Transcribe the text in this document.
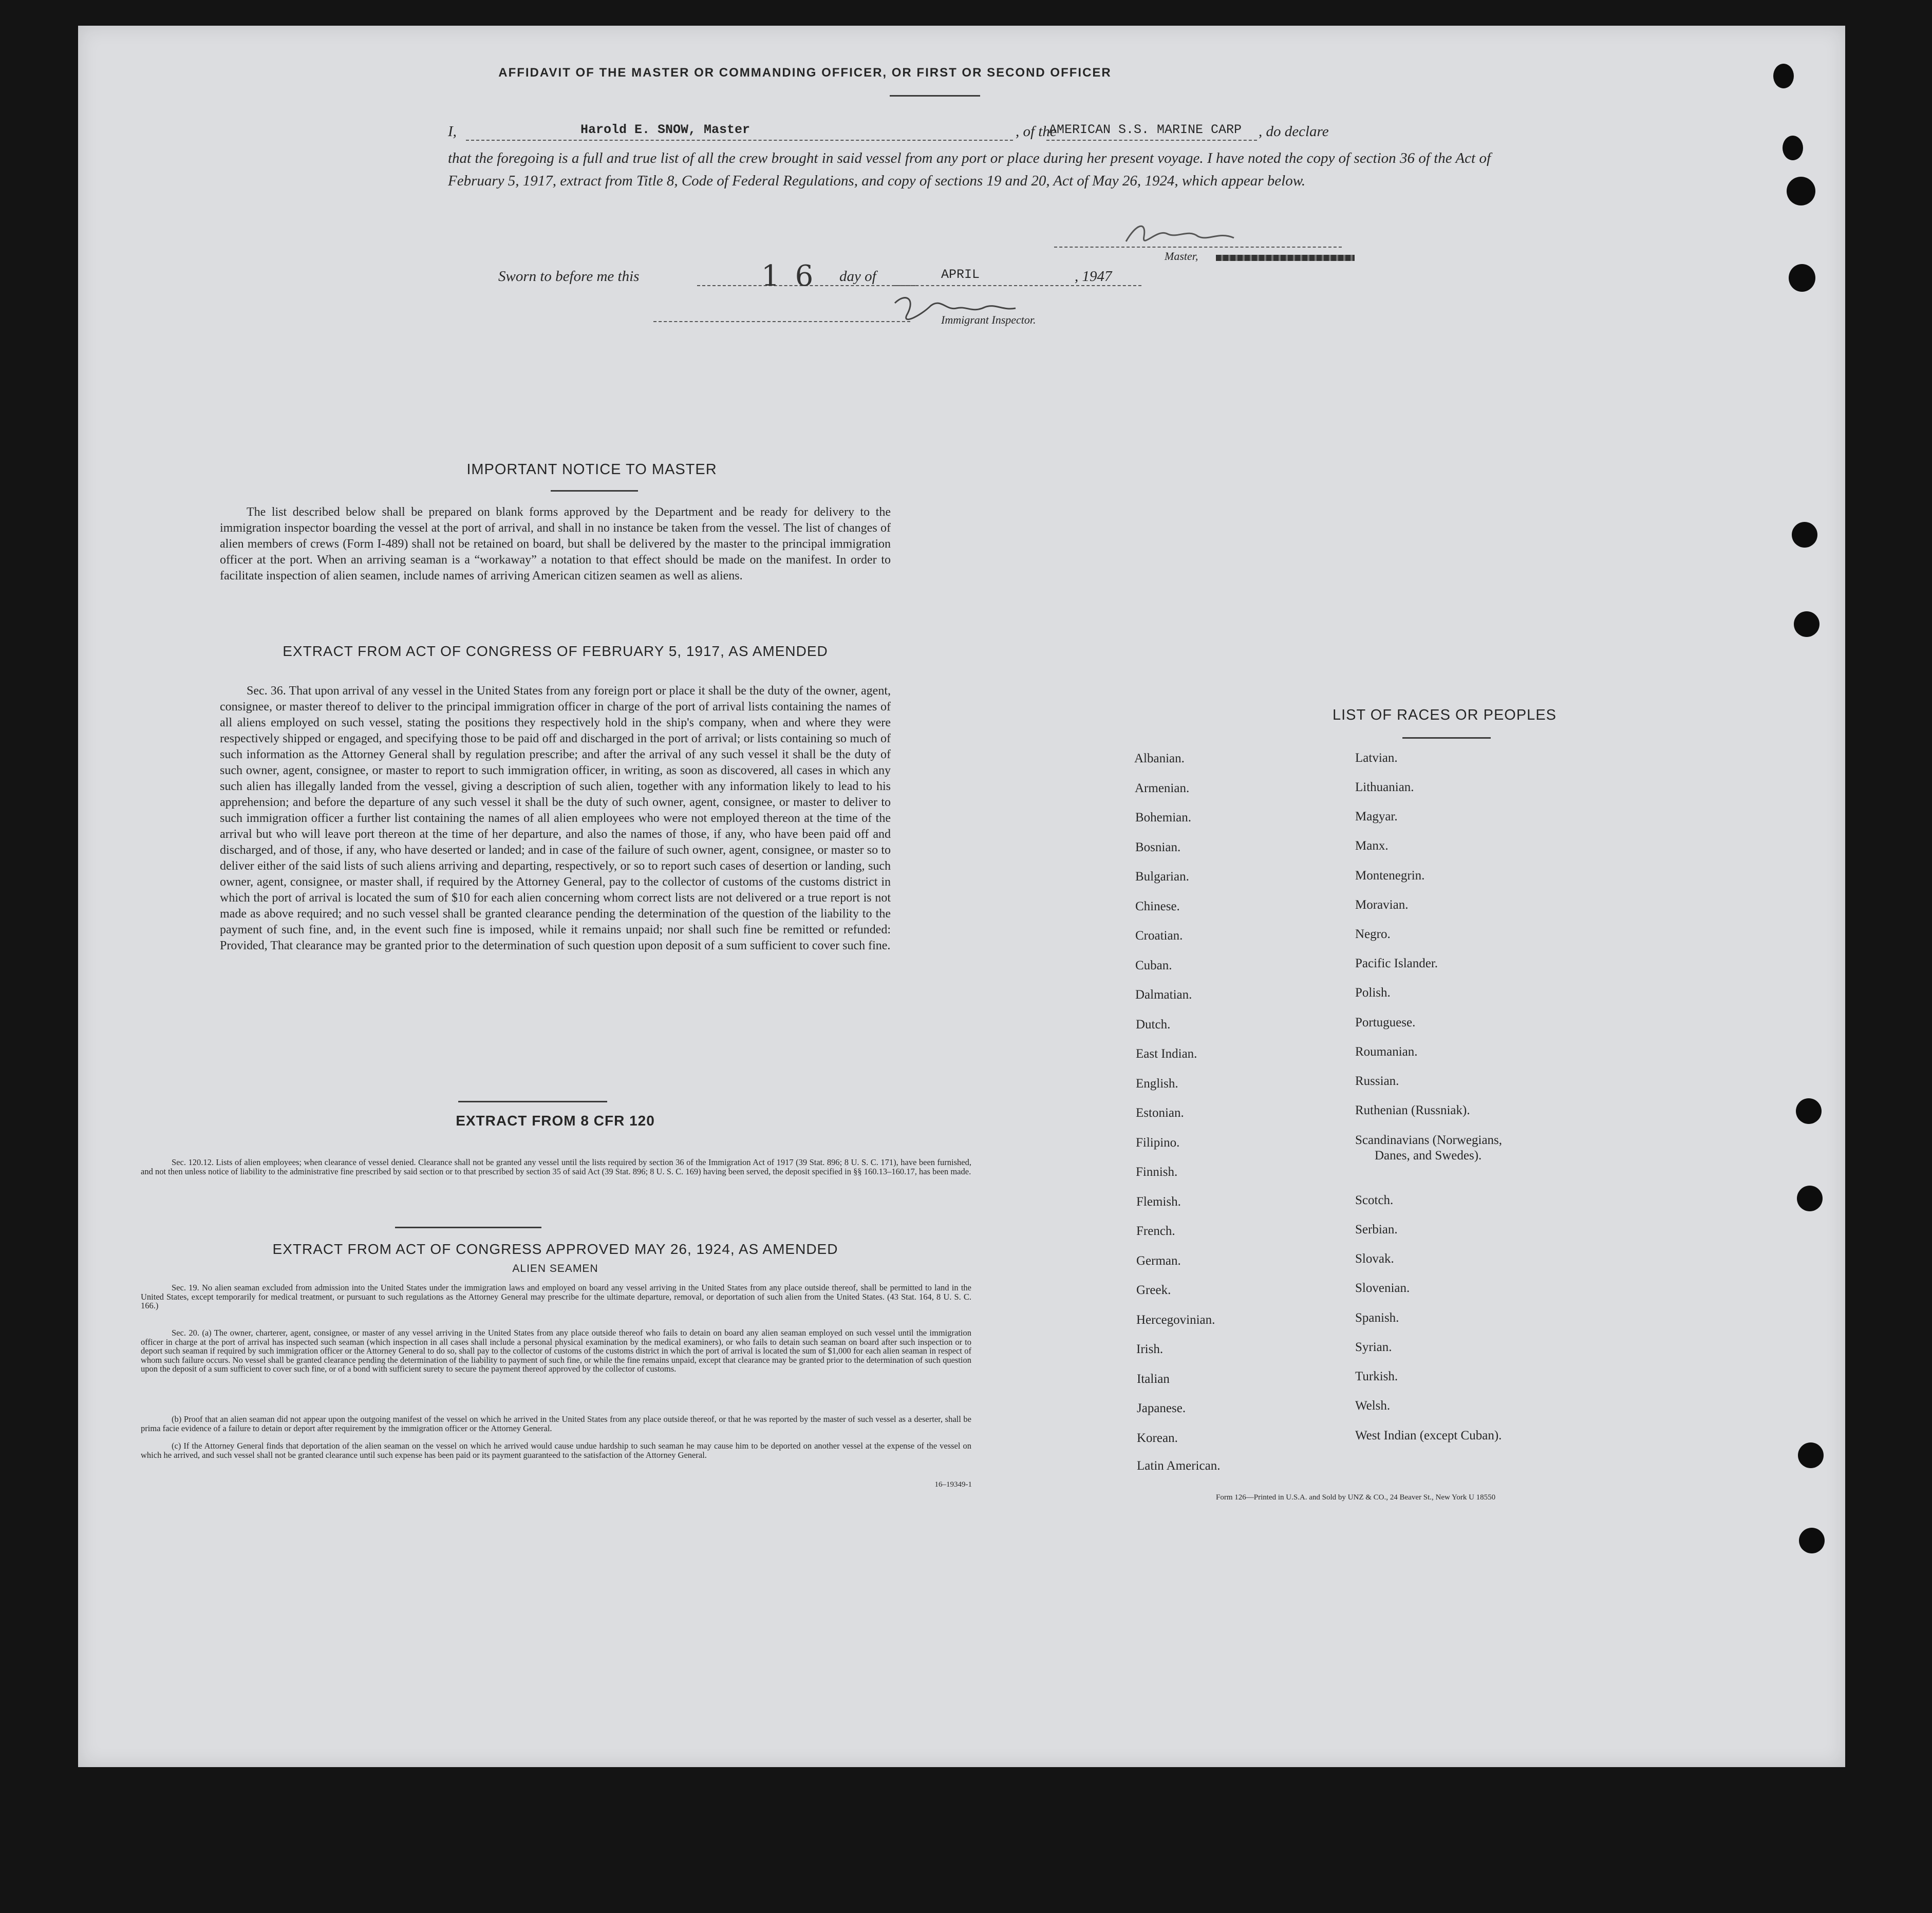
AFFIDAVIT OF THE MASTER OR COMMANDING OFFICER, OR FIRST OR SECOND OFFICER
I,	Harold E. SNOW, Master	, of the
AMERICAN S.S. MARINE CARP , do declare
that the foregoing is a full and true list of all the crew brought in said vessel from any port or place during her present voyage. I have noted the copy of section 36 of the Act of February 5, 1917, extract from Title 8, Code of Federal Regulations, and copy of sections 19 and 20, Act of May 26, 1924, which appear below.
Master,
Sworn to before me this	16 day of	APRIL	, 1947
Immigrant Inspector.
IMPORTANT NOTICE TO MASTER
The list described below shall be prepared on blank forms approved by the Department and be ready for delivery to the immigration inspector boarding the vessel at the port of arrival, and shall in no instance be taken from the vessel. The list of changes of alien members of crews (Form I-489) shall not be retained on board, but shall be delivered by the master to the principal immigration officer at the port. When an arriving seaman is a “workaway” a notation to that effect should be made on the manifest. In order to facilitate inspection of alien seamen, include names of arriving American citizen seamen as well as aliens.
EXTRACT FROM ACT OF CONGRESS OF FEBRUARY 5, 1917, AS AMENDED
Sec. 36. That upon arrival of any vessel in the United States from any foreign port or place it shall be the duty of the owner, agent, consignee, or master thereof to deliver to the principal immigration officer in charge of the port of arrival lists containing the names of all aliens employed on such vessel, stating the positions they respectively hold in the ship's company, when and where they were respectively shipped or engaged, and specifying those to be paid off and discharged in the port of arrival; or lists containing so much of such information as the Attorney General shall by regulation prescribe; and after the arrival of any such vessel it shall be the duty of such owner, agent, consignee, or master to report to such immigration officer, in writing, as soon as discovered, all cases in which any such alien has illegally landed from the vessel, giving a description of such alien, together with any information likely to lead to his apprehension; and before the departure of any such vessel it shall be the duty of such owner, agent, consignee, or master to deliver to such immigration officer a further list containing the names of all alien employees who were not employed thereon at the time of the arrival but who will leave port thereon at the time of her departure, and also the names of those, if any, who have been paid off and discharged, and of those, if any, who have deserted or landed; and in case of the failure of such owner, agent, consignee, or master so to deliver either of the said lists of such aliens arriving and departing, respectively, or so to report such cases of desertion or landing, such owner, agent, consignee, or master shall, if required by the Attorney General, pay to the collector of customs of the customs district in which the port of arrival is located the sum of $10 for each alien concerning whom correct lists are not delivered or a true report is not made as above required; and no such vessel shall be granted clearance pending the determination of the question of the liability to the payment of such fine, and, in the event such fine is imposed, while it remains unpaid; nor shall such fine be remitted or refunded: Provided, That clearance may be granted prior to the determination of such question upon deposit of a sum sufficient to cover such fine.
EXTRACT FROM 8 CFR 120
Sec. 120.12. Lists of alien employees; when clearance of vessel denied. Clearance shall not be granted any vessel until the lists required by section 36 of the Immigration Act of 1917 (39 Stat. 896; 8 U. S. C. 171), have been furnished, and not then unless notice of liability to the administrative fine prescribed by said section or to that prescribed by section 35 of said Act (39 Stat. 896; 8 U. S. C. 169) having been served, the deposit specified in §§ 160.13–160.17, has been made.
EXTRACT FROM ACT OF CONGRESS APPROVED MAY 26, 1924, AS AMENDED
ALIEN SEAMEN
Sec. 19. No alien seaman excluded from admission into the United States under the immigration laws and employed on board any vessel arriving in the United States from any place outside thereof, shall be permitted to land in the United States, except temporarily for medical treatment, or pursuant to such regulations as the Attorney General may prescribe for the ultimate departure, removal, or deportation of such alien from the United States. (43 Stat. 164, 8 U. S. C. 166.)
Sec. 20. (a) The owner, charterer, agent, consignee, or master of any vessel arriving in the United States from any place outside thereof who fails to detain on board any alien seaman employed on such vessel until the immigration officer in charge at the port of arrival has inspected such seaman (which inspection in all cases shall include a personal physical examination by the medical examiners), or who fails to detain such seaman on board after such inspection or to deport such seaman if required by such immigration officer or the Attorney General to do so, shall pay to the collector of customs of the customs district in which the port of arrival is located the sum of $1,000 for each alien seaman in respect of whom such failure occurs. No vessel shall be granted clearance pending the determination of the liability to payment of such fine, or while the fine remains unpaid, except that clearance may be granted prior to the determination of such question upon the deposit of a sum sufficient to cover such fine, or of a bond with sufficient surety to secure the payment thereof approved by the collector of customs.
(b) Proof that an alien seaman did not appear upon the outgoing manifest of the vessel on which he arrived in the United States from any place outside thereof, or that he was reported by the master of such vessel as a deserter, shall be prima facie evidence of a failure to detain or deport after requirement by the immigration officer or the Attorney General.
(c) If the Attorney General finds that deportation of the alien seaman on the vessel on which he arrived would cause undue hardship to such seaman he may cause him to be deported on another vessel at the expense of the vessel on which he arrived, and such vessel shall not be granted clearance until such expense has been paid or its payment guaranteed to the satisfaction of the Attorney General.
16–19349-1
LIST OF RACES OR PEOPLES
Albanian.
Armenian.
Bohemian.
Bosnian.
Bulgarian.
Chinese.
Croatian.
Cuban.
Dalmatian.
Dutch.
East Indian.
English.
Estonian.
Filipino.
Finnish.
Flemish.
French.
German.
Greek.
Hercegovinian.
Irish.
Italian
Japanese.
Korean.
Latin American.
Latvian.
Lithuanian.
Magyar.
Manx.
Montenegrin.
Moravian.
Negro.
Pacific Islander.
Polish.
Portuguese.
Roumanian.
Russian.
Ruthenian (Russniak).
Scandinavians (Norwegians,
Danes, and Swedes).
Scotch.
Serbian.
Slovak.
Slovenian.
Spanish.
Syrian.
Turkish.
Welsh.
West Indian (except Cuban).
Form 126—Printed in U.S.A. and Sold by UNZ & CO., 24 Beaver St., New York U 18550
